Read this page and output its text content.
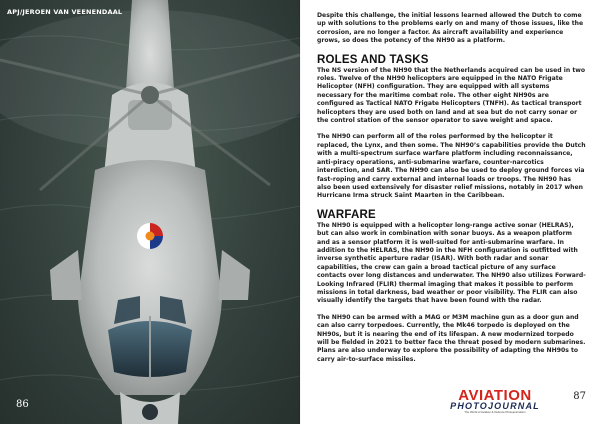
APJ/JEROEN VAN VEENENDAAL
86

Despite this challenge, the initial lessons learned allowed the Dutch to come up with solutions to the problems early on and many of those issues, like the corrosion, are no longer a factor. As aircraft availability and experience grows, so does the potency of the NH90 as a platform.

ROLES AND TASKS

The NS version of the NH90 that the Netherlands acquired can be used in two roles. Twelve of the NH90 helicopters are equipped in the NATO Frigate Helicopter (NFH) configuration. They are equipped with all systems necessary for the maritime combat role. The other eight NH90s are configured as Tactical NATO Frigate Helicopters (TNFH). As tactical transport helicopters they are used both on land and at sea but do not carry sonar or the control station of the sensor operator to save weight and space.

The NH90 can perform all of the roles performed by the helicopter it replaced, the Lynx, and then some. The NH90’s capabilities provide the Dutch with a multi-spectrum surface warfare platform including reconnaissance, anti-piracy operations, anti-submarine warfare, counter-narcotics interdiction, and SAR. The NH90 can also be used to deploy ground forces via fast-roping and carry external and internal loads or troops. The NH90 has also been used extensively for disaster relief missions, notably in 2017 when Hurricane Irma struck Saint Maarten in the Caribbean.

WARFARE

The NH90 is equipped with a helicopter long-range active sonar (HELRAS), but can also work in combination with sonar buoys. As a weapon platform and as a sensor platform it is well-suited for anti-submarine warfare. In addition to the HELRAS, the NH90 in the NFH configuration is outfitted with inverse synthetic aperture radar (ISAR). With both radar and sonar capabilities, the crew can gain a broad tactical picture of any surface contacts over long distances and underwater. The NH90 also utilizes Forward-Looking Infrared (FLIR) thermal imaging that makes it possible to perform missions in total darkness, bad weather or poor visibility. The FLIR can also visually identify the targets that have been found with the radar.

The NH90 can be armed with a MAG or M3M machine gun as a door gun and can also carry torpedoes. Currently, the Mk46 torpedo is deployed on the NH90s, but it is nearing the end of its lifespan. A new modernized torpedo will be fielded in 2021 to better face the threat posed by modern submarines. Plans are also underway to explore the possibility of adapting the NH90s to carry air-to-surface missiles.

AVIATION
PHOTOJOURNAL
The World of Aviation & Defence Photojournalism
87
